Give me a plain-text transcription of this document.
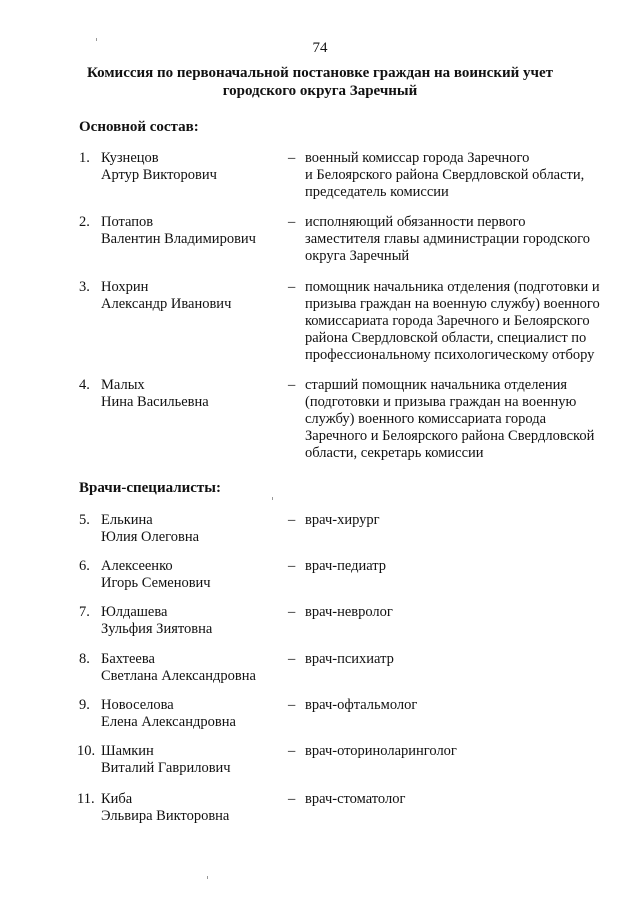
74
Комиссия по первоначальной постановке граждан на воинский учет
городского округа Заречный
Основной состав:
1. Кузнецов
Артур Викторович
– военный комиссар города Заречного
и Белоярского района Свердловской области,
председатель комиссии
2. Потапов
Валентин Владимирович
– исполняющий обязанности первого
заместителя главы администрации городского
округа Заречный
3. Нохрин
Александр Иванович
– помощник начальника отделения (подготовки и
призыва граждан на военную службу) военного
комиссариата города Заречного и Белоярского
района Свердловской области, специалист по
профессиональному психологическому отбору
4. Малых
Нина Васильевна
– старший помощник начальника отделения
(подготовки и призыва граждан на военную
службу) военного комиссариата города
Заречного и Белоярского района Свердловской
области, секретарь комиссии
Врачи-специалисты:
5. Елькина
Юлия Олеговна
– врач-хирург
6. Алексеенко
Игорь Семенович
– врач-педиатр
7. Юлдашева
Зульфия Зиятовна
– врач-невролог
8. Бахтеева
Светлана Александровна
– врач-психиатр
9. Новоселова
Елена Александровна
– врач-офтальмолог
10. Шамкин
Виталий Гаврилович
– врач-оториноларинголог
11. Киба
Эльвира Викторовна
– врач-стоматолог
